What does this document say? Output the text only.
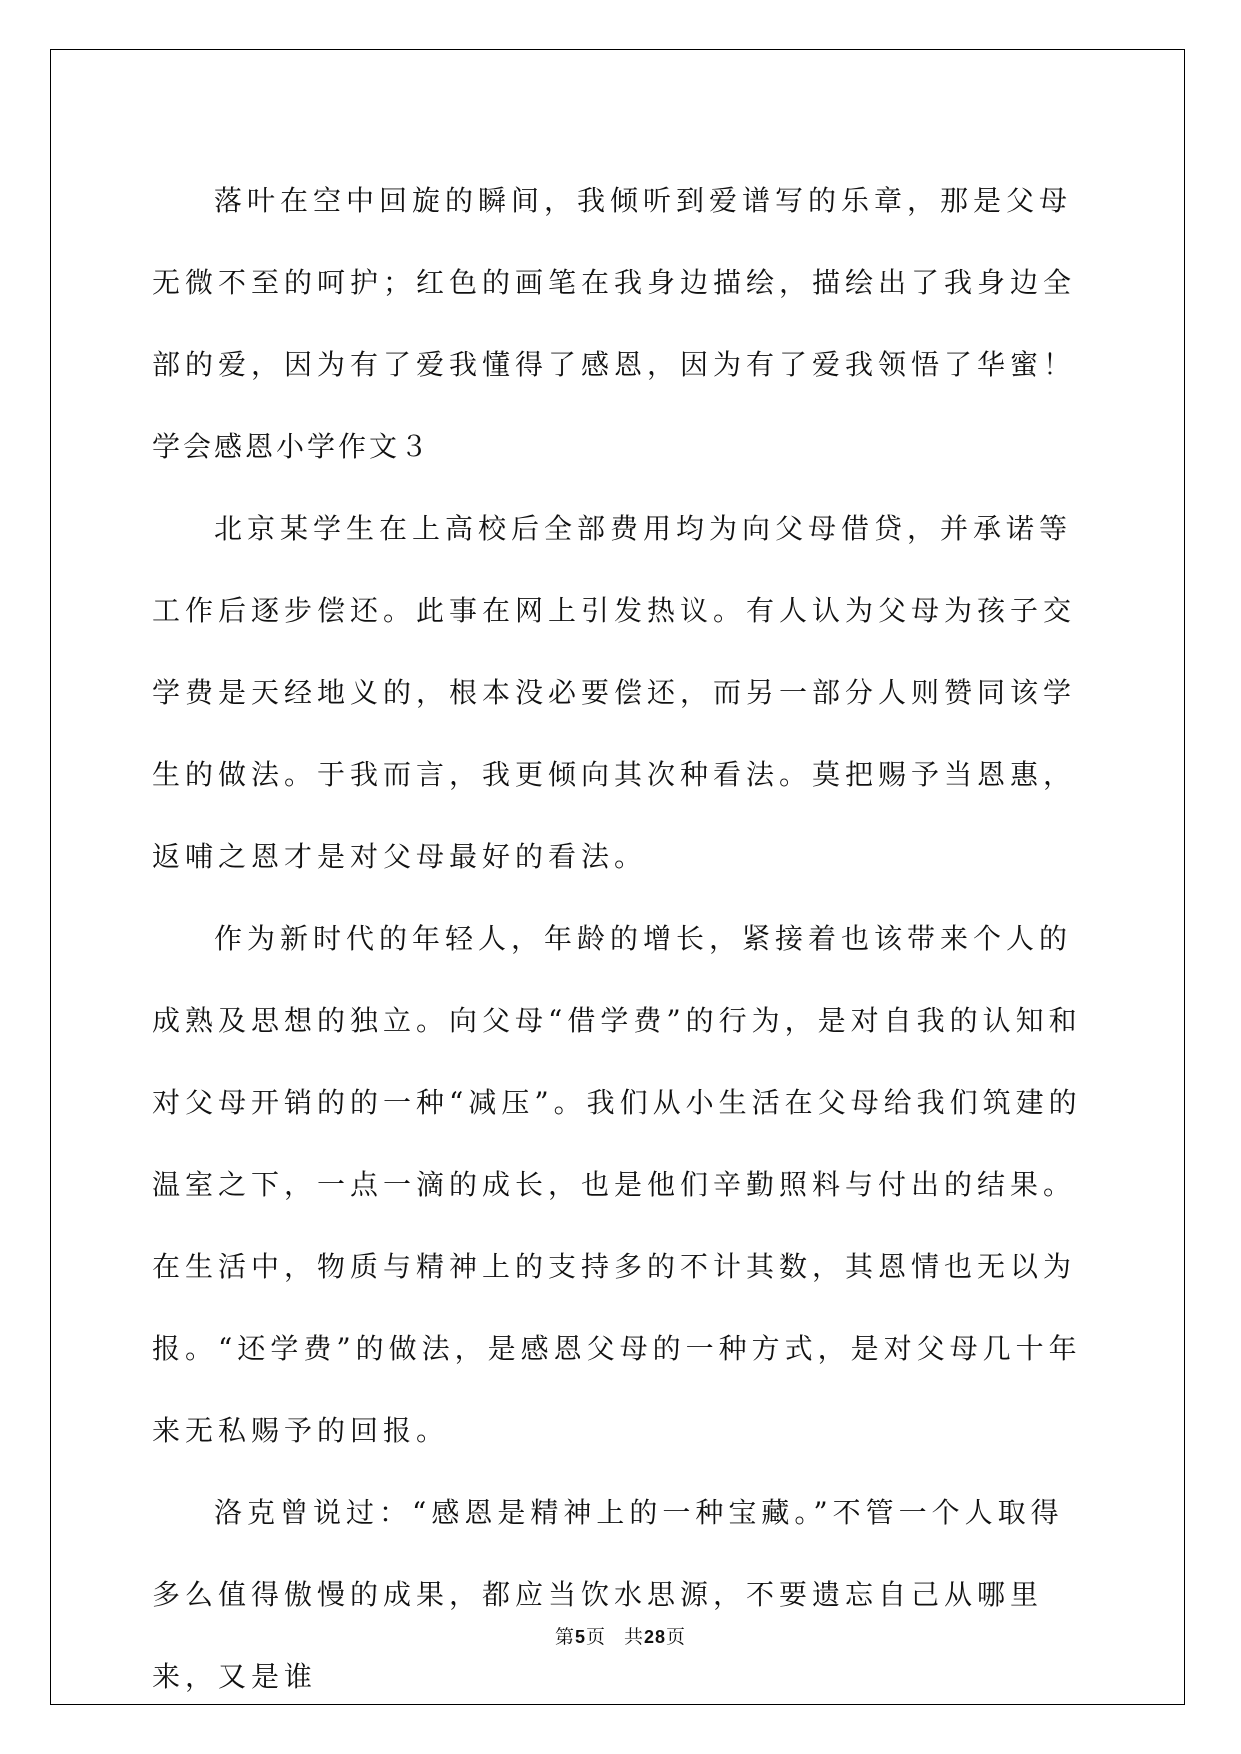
落叶在空中回旋的瞬间，我倾听到爱谱写的乐章，那是父母无微不至的呵护；红色的画笔在我身边描绘，描绘出了我身边全部的爱，因为有了爱我懂得了感恩，因为有了爱我领悟了华蜜！

学会感恩小学作文３

北京某学生在上高校后全部费用均为向父母借贷，并承诺等工作后逐步偿还。此事在网上引发热议。有人认为父母为孩子交学费是天经地义的，根本没必要偿还，而另一部分人则赞同该学生的做法。于我而言，我更倾向其次种看法。莫把赐予当恩惠，返哺之恩才是对父母最好的看法。

作为新时代的年轻人，年龄的增长，紧接着也该带来个人的成熟及思想的独立。向父母“借学费”的行为，是对自我的认知和对父母开销的的一种“减压”。我们从小生活在父母给我们筑建的温室之下，一点一滴的成长，也是他们辛勤照料与付出的结果。在生活中，物质与精神上的支持多的不计其数，其恩情也无以为报。“还学费”的做法，是感恩父母的一种方式，是对父母几十年来无私赐予的回报。

洛克曾说过：“感恩是精神上的一种宝藏。”不管一个人取得多么值得傲慢的成果，都应当饮水思源，不要遗忘自己从哪里来，又是谁

第5页 共28页
